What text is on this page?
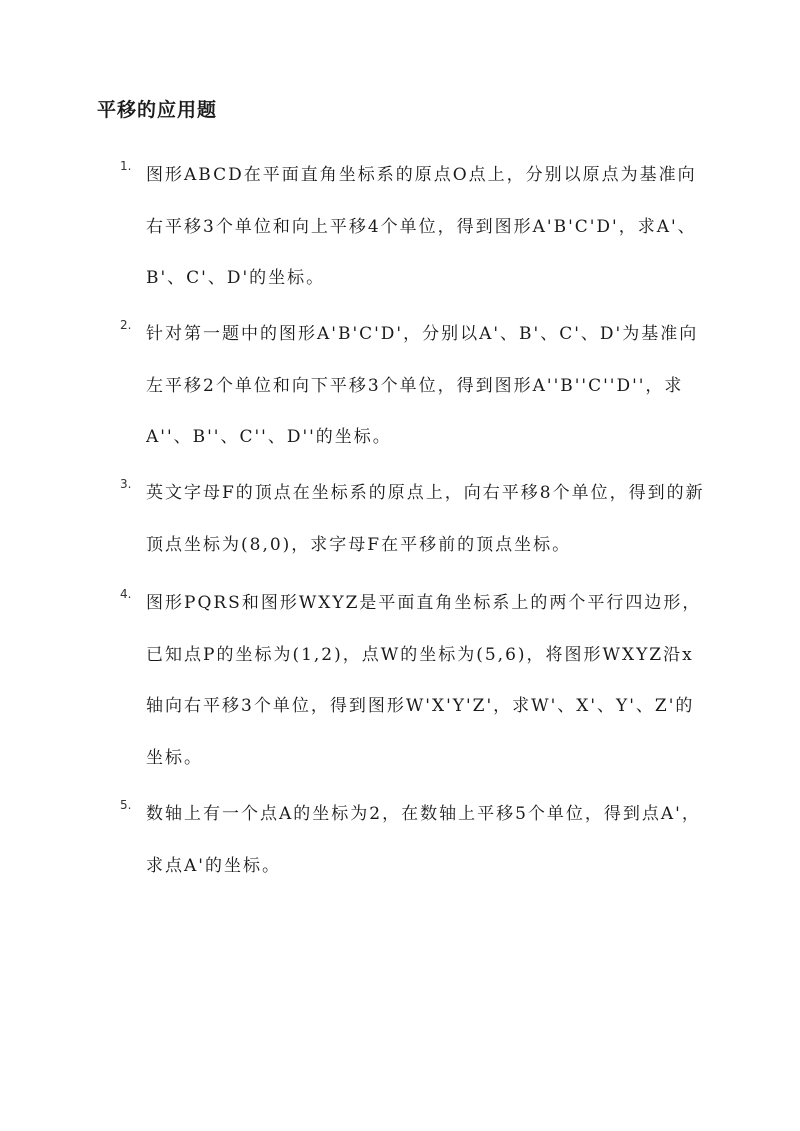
平移的应用题
1. 图形ABCD在平面直角坐标系的原点O点上，分别以原点为基准向右平移3个单位和向上平移4个单位，得到图形A'B'C'D'，求A'、B'、C'、D'的坐标。

2. 针对第一题中的图形A'B'C'D'，分别以A'、B'、C'、D'为基准向左平移2个单位和向下平移3个单位，得到图形A''B''C''D''，求A''、B''、C''、D''的坐标。

3. 英文字母F的顶点在坐标系的原点上，向右平移8个单位，得到的新顶点坐标为(8,0)，求字母F在平移前的顶点坐标。

4. 图形PQRS和图形WXYZ是平面直角坐标系上的两个平行四边形，已知点P的坐标为(1,2)，点W的坐标为(5,6)，将图形WXYZ沿x轴向右平移3个单位，得到图形W'X'Y'Z'，求W'、X'、Y'、Z'的坐标。

5. 数轴上有一个点A的坐标为2，在数轴上平移5个单位，得到点A'，求点A'的坐标。
